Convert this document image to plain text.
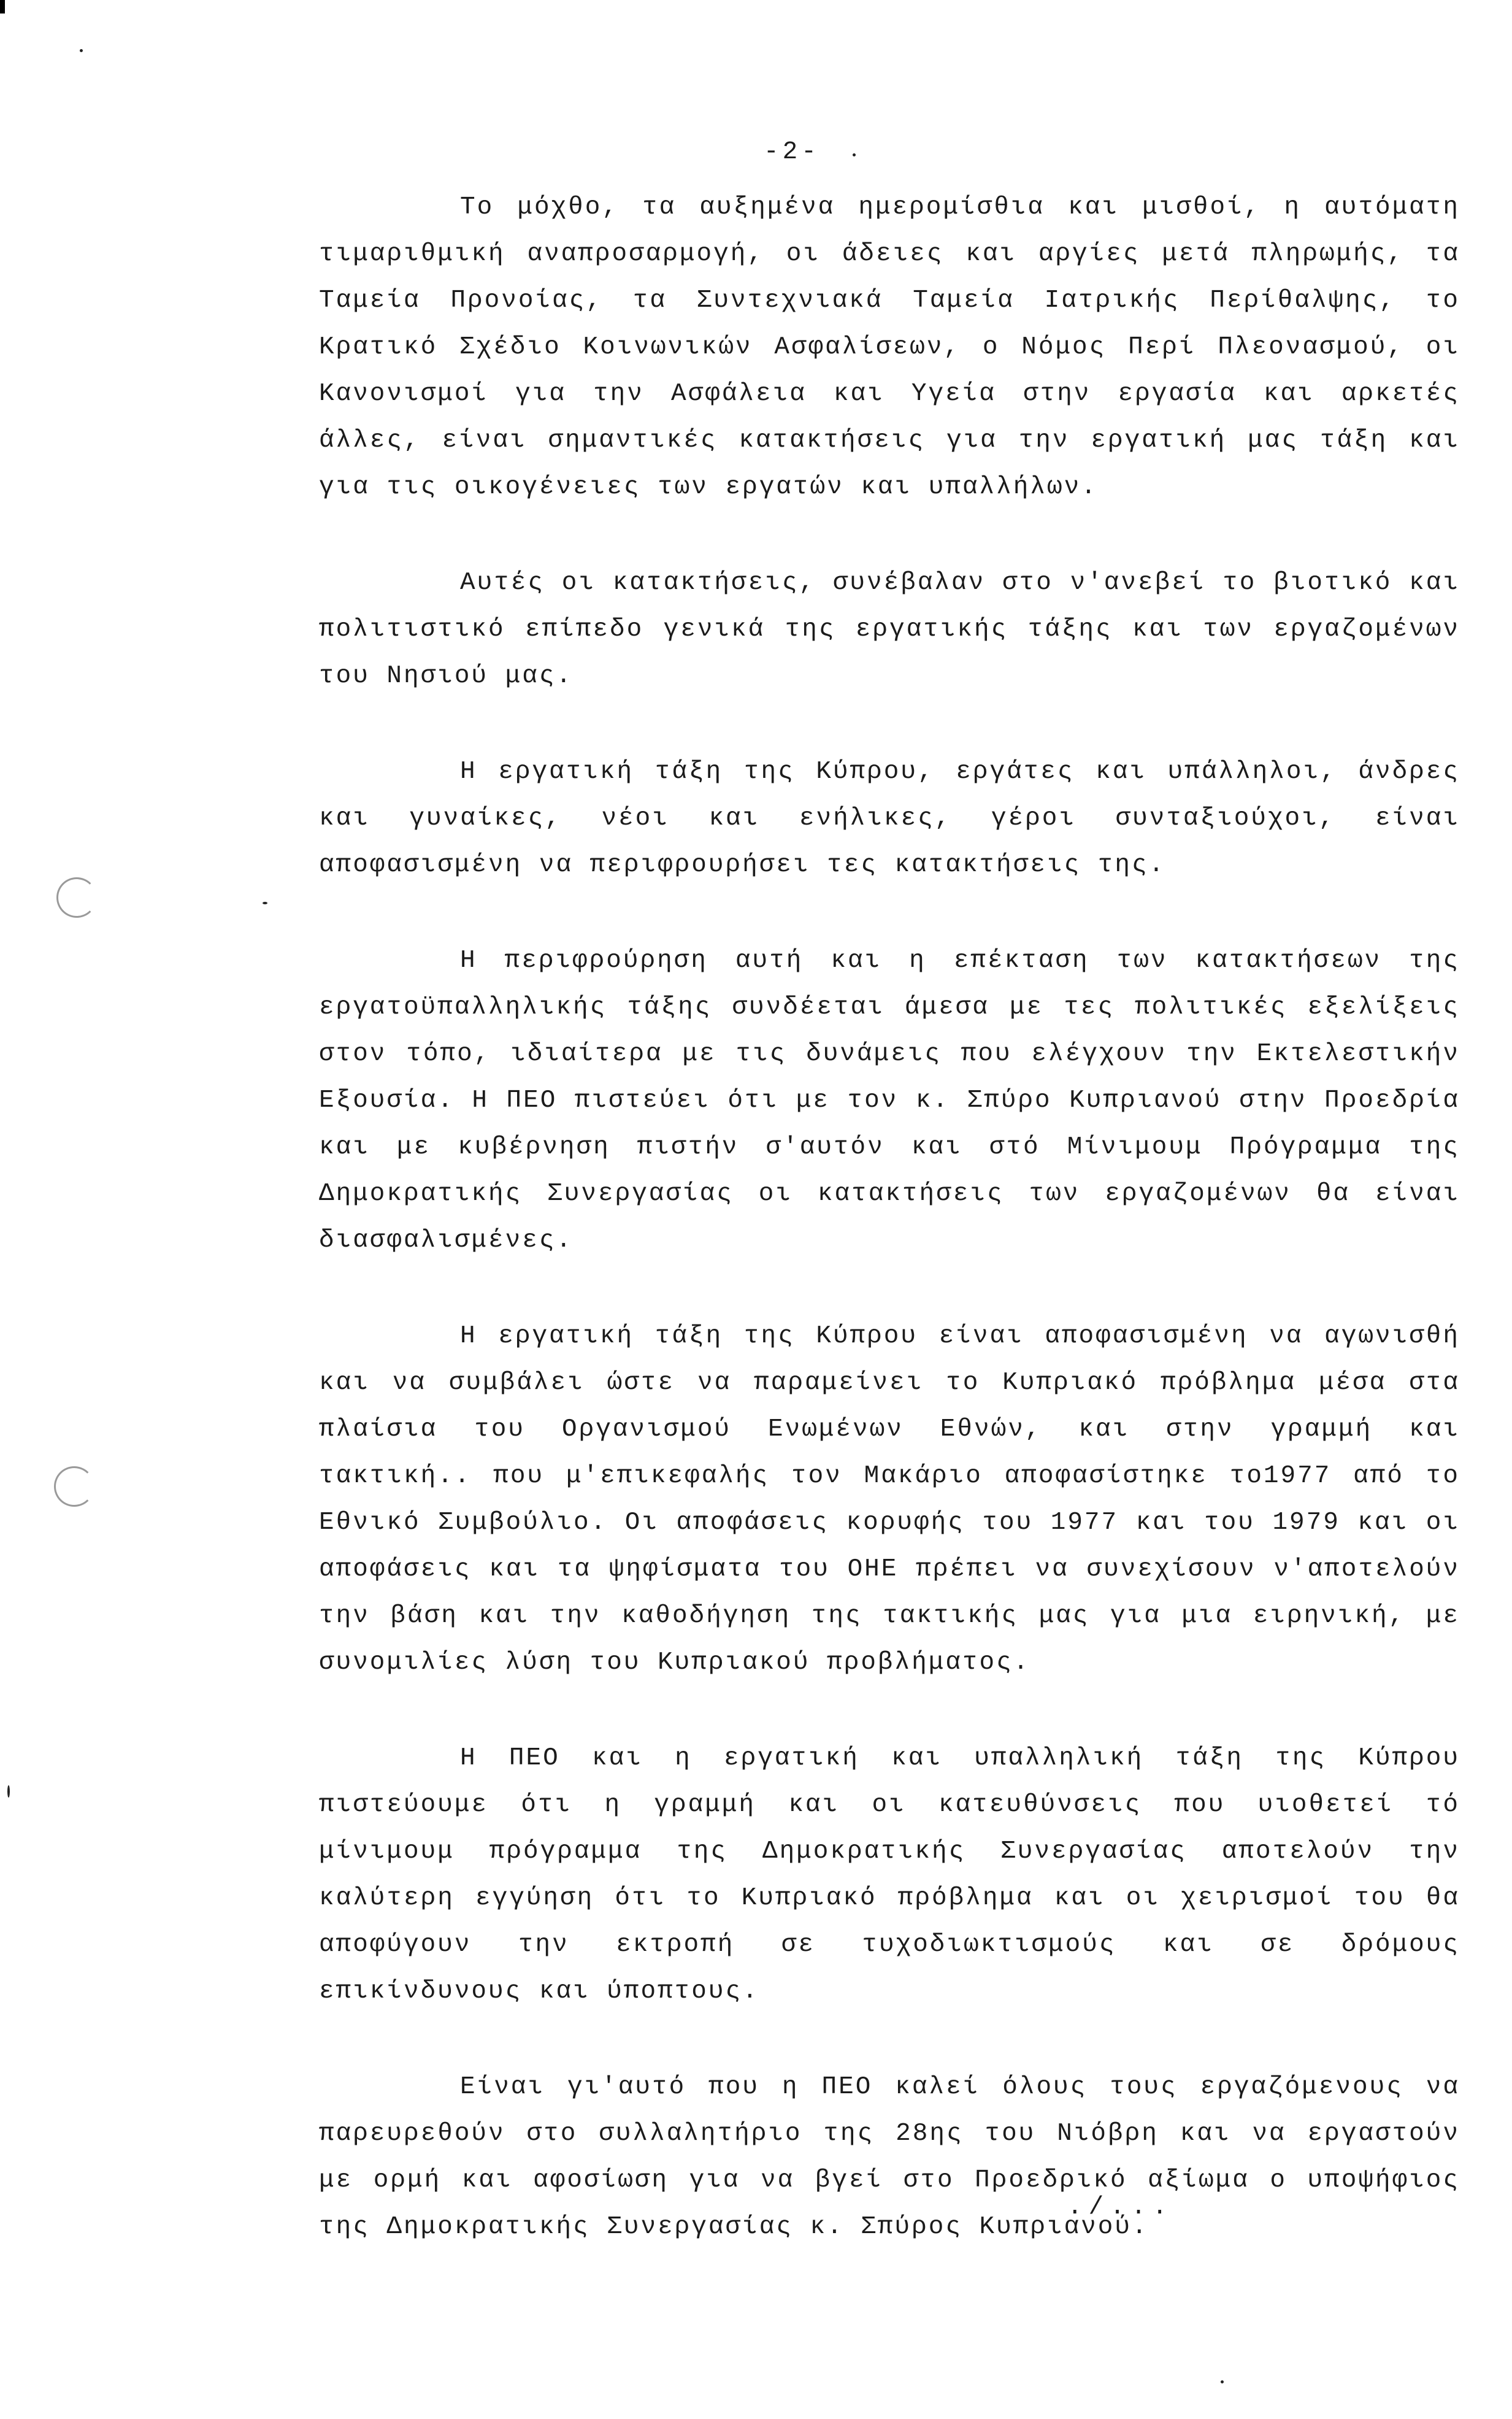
-2-

Το μόχθο, τα αυξημένα ημερομίσθια και μισθοί, η αυτόματη τιμαριθμική αναπροσαρμογή, οι άδειες και αργίες μετά πληρωμής, τα Ταμεία Προνοίας, τα Συντεχνιακά Ταμεία Ιατρικής Περίθαλψης, το Κρατικό Σχέδιο Κοινωνικών Ασφαλίσεων, ο Νόμος Περί Πλεονασμού, οι Κανονισμοί για την Ασφάλεια και Υγεία στην εργασία και αρκετές άλλες, είναι σημαντικές κατακτήσεις για την εργατική μας τάξη και για τις οικογένειες των εργατών και υπαλλήλων.

Αυτές οι κατακτήσεις, συνέβαλαν στο ν'ανεβεί το βιοτικό και πολιτιστικό επίπεδο γενικά της εργατικής τάξης και των εργαζομένων του Νησιού μας.

Η εργατική τάξη της Κύπρου, εργάτες και υπάλληλοι, άνδρες και γυναίκες, νέοι και ενήλικες, γέροι συνταξιούχοι, είναι αποφασισμένη να περιφρουρήσει τες κατακτήσεις της.

Η περιφρούρηση αυτή και η επέκταση των κατακτήσεων της εργατοϋπαλληλικής τάξης συνδέεται άμεσα με τες πολιτικές εξελίξεις στον τόπο, ιδιαίτερα με τις δυνάμεις που ελέγχουν την Εκτελεστικήν Εξουσία. Η ΠΕΟ πιστεύει ότι με τον κ. Σπύρο Κυπριανού στην Προεδρία και με κυβέρνηση πιστήν σ'αυτόν και στό Μίνιμουμ Πρόγραμμα της Δημοκρατικής Συνεργασίας οι κατακτήσεις των εργαζομένων θα είναι διασφαλισμένες.

Η εργατική τάξη της Κύπρου είναι αποφασισμένη να αγωνισθή και να συμβάλει ώστε να παραμείνει το Κυπριακό πρόβλημα μέσα στα πλαίσια του Οργανισμού Ενωμένων Εθνών, και στην γραμμή και τακτική.. που μ'επικεφαλής τον Μακάριο αποφασίστηκε το1977 από το Εθνικό Συμβούλιο. Οι αποφάσεις κορυφής του 1977 και του 1979 και οι αποφάσεις και τα ψηφίσματα του ΟΗΕ πρέπει να συνεχίσουν ν'αποτελούν την βάση και την καθοδήγηση της τακτικής μας για μια ειρηνική, με συνομιλίες λύση του Κυπριακού προβλήματος.

Η ΠΕΟ και η εργατική και υπαλληλική τάξη της Κύπρου πιστεύουμε ότι η γραμμή και οι κατευθύνσεις που υιοθετεί τό μίνιμουμ πρόγραμμα της Δημοκρατικής Συνεργασίας αποτελούν την καλύτερη εγγύηση ότι το Κυπριακό πρόβλημα και οι χειρισμοί του θα αποφύγουν την εκτροπή σε τυχοδιωκτισμούς και σε δρόμους επικίνδυνους και ύποπτους.

Είναι γι'αυτό που η ΠΕΟ καλεί όλους τους εργαζόμενους να παρευρεθούν στο συλλαλητήριο της 28ης του Νιόβρη και να εργαστούν με ορμή και αφοσίωση για να βγεί στο Προεδρικό αξίωμα ο υποψήφιος της Δημοκρατικής Συνεργασίας κ. Σπύρος Κυπριανού.

./...
